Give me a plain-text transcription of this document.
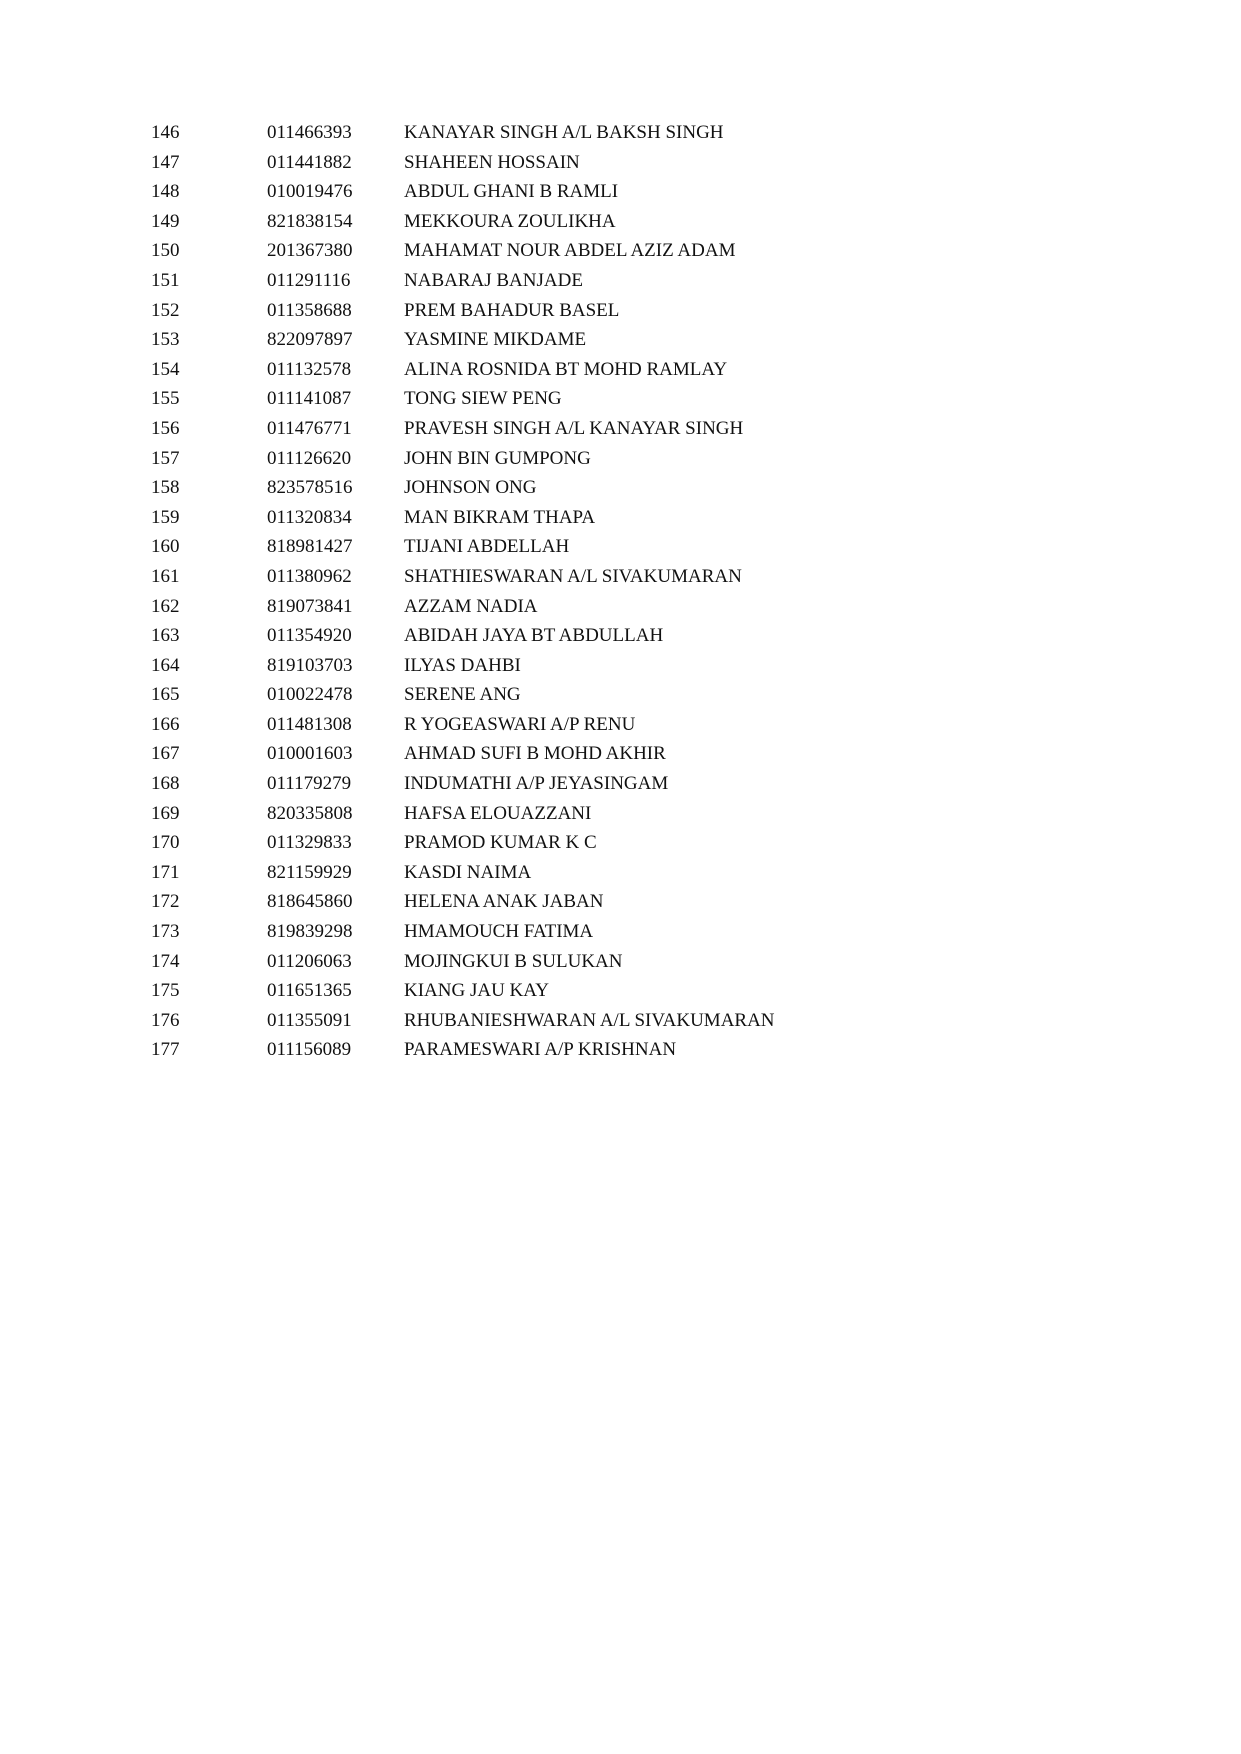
146	011466393	KANAYAR SINGH A/L BAKSH SINGH
147	011441882	SHAHEEN HOSSAIN
148	010019476	ABDUL GHANI B RAMLI
149	821838154	MEKKOURA ZOULIKHA
150	201367380	MAHAMAT NOUR ABDEL AZIZ ADAM
151	011291116	NABARAJ BANJADE
152	011358688	PREM BAHADUR BASEL
153	822097897	YASMINE MIKDAME
154	011132578	ALINA ROSNIDA BT MOHD RAMLAY
155	011141087	TONG SIEW PENG
156	011476771	PRAVESH SINGH A/L KANAYAR SINGH
157	011126620	JOHN BIN GUMPONG
158	823578516	JOHNSON ONG
159	011320834	MAN BIKRAM THAPA
160	818981427	TIJANI ABDELLAH
161	011380962	SHATHIESWARAN A/L SIVAKUMARAN
162	819073841	AZZAM NADIA
163	011354920	ABIDAH JAYA BT ABDULLAH
164	819103703	ILYAS DAHBI
165	010022478	SERENE ANG
166	011481308	R YOGEASWARI A/P RENU
167	010001603	AHMAD SUFI B MOHD AKHIR
168	011179279	INDUMATHI A/P JEYASINGAM
169	820335808	HAFSA ELOUAZZANI
170	011329833	PRAMOD KUMAR K C
171	821159929	KASDI NAIMA
172	818645860	HELENA ANAK JABAN
173	819839298	HMAMOUCH FATIMA
174	011206063	MOJINGKUI B SULUKAN
175	011651365	KIANG JAU KAY
176	011355091	RHUBANIESHWARAN A/L SIVAKUMARAN
177	011156089	PARAMESWARI A/P KRISHNAN
